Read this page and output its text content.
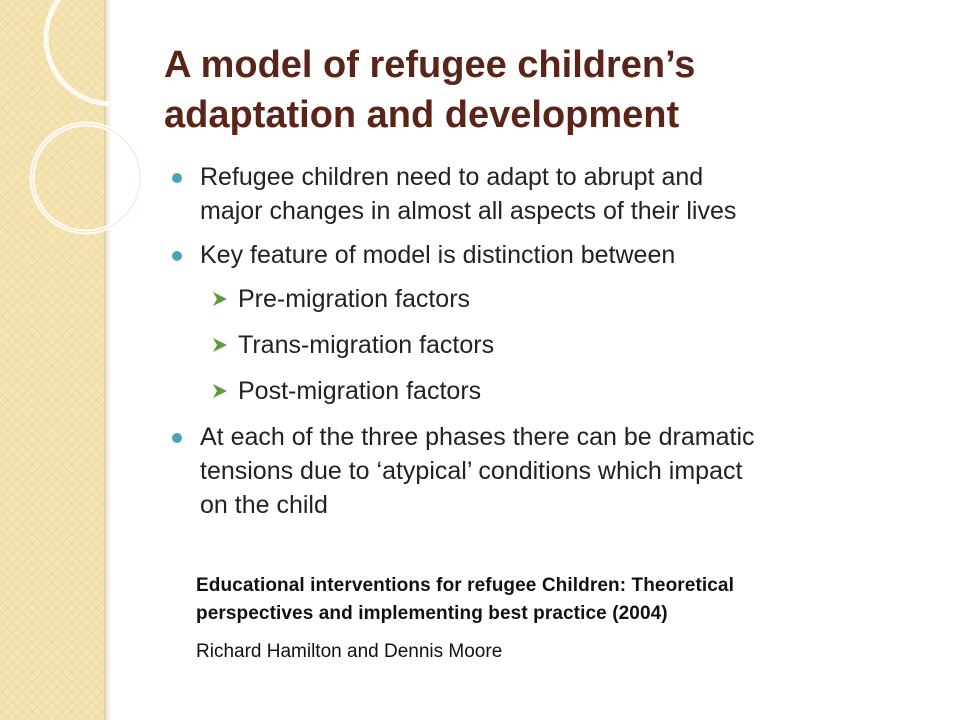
A model of refugee children’s
adaptation and development
Refugee children need to adapt to abrupt and
major changes in almost all aspects of their lives
Key feature of model is distinction between
Pre-migration factors
Trans-migration factors
Post-migration factors
At each of the three phases there can be dramatic
tensions due to ‘atypical’ conditions which impact
on the child
Educational interventions for refugee Children: Theoretical
perspectives and implementing best practice (2004)
Richard Hamilton and Dennis Moore
